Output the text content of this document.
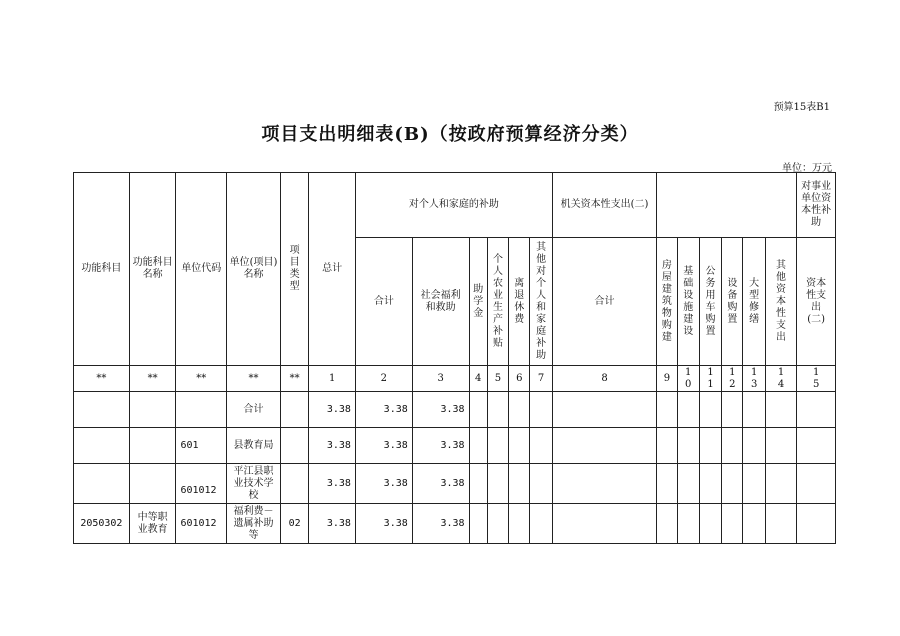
预算15表B1
项目支出明细表(B)（按政府预算经济分类）
单位：万元
功能科目	功能科目名称	单位代码	单位(项目)名称	项目类型	总计	对个人和家庭的补助						机关资本性支出(二)							对事业单位资本性补助
						合计	社会福利和救助	助学金	个人农业生产补贴	离退休费	其他对个人和家庭补助	合计	房屋建筑物购建	基础设施建设	公务用车购置	设备购置	大型修缮	其他资本性支出	资本性支出(二)
**	**	**	**	**	1	2	3	4	5	6	7	8	9	10	11	12	13	14	15
			合计		3.38	3.38	3.38												
		601	县教育局		3.38	3.38	3.38												
		601012	平江县职业技术学校		3.38	3.38	3.38												
2050302	中等职业教育	601012	福利费－遗属补助等	02	3.38	3.38	3.38												
